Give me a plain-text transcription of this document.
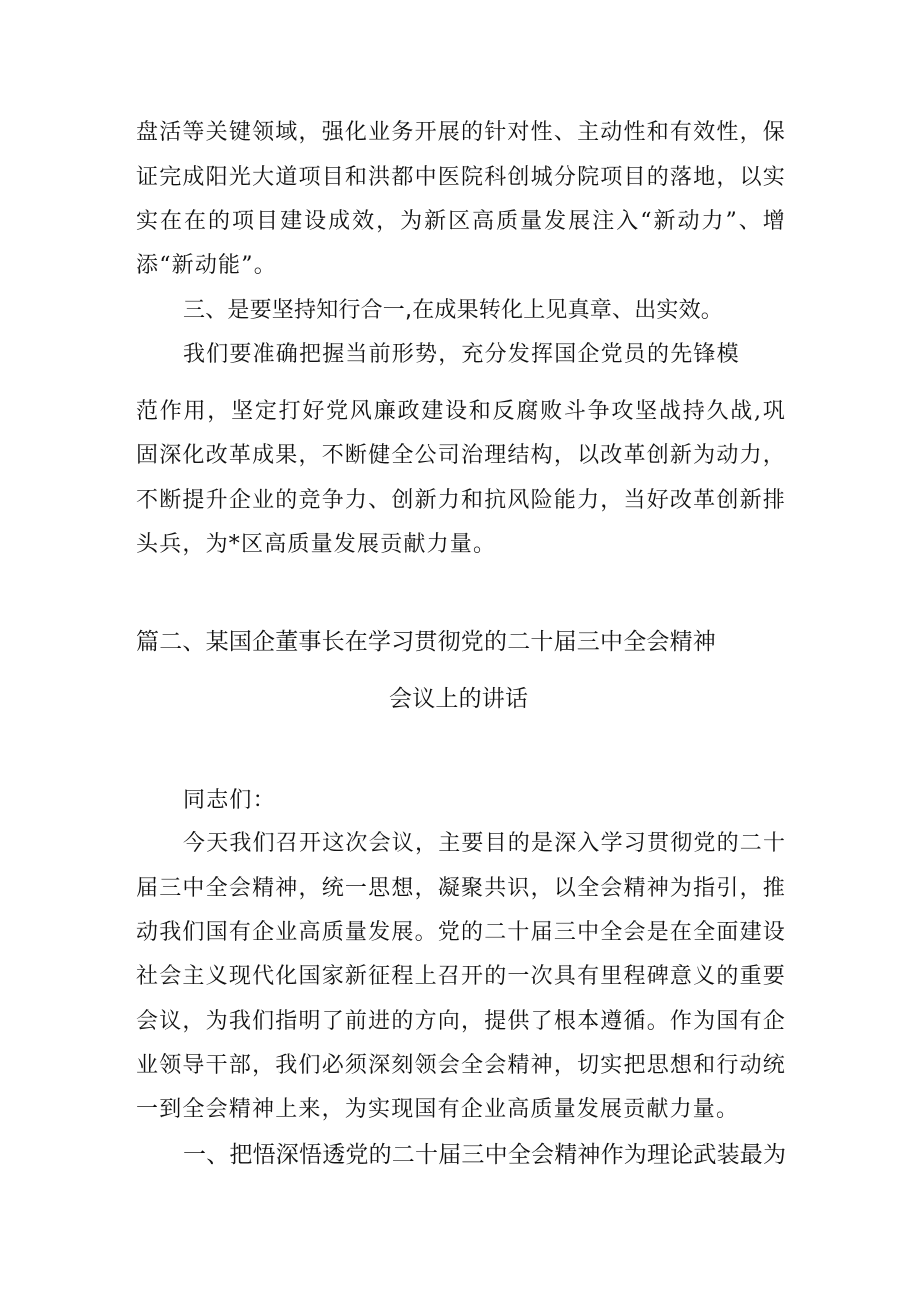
盘活等关键领域，强化业务开展的针对性、主动性和有效性，保
证完成阳光大道项目和洪都中医院科创城分院项目的落地，以实
实在在的项目建设成效，为新区高质量发展注入“新动力”、增
添“新动能”。
三、是要坚持知行合一,在成果转化上见真章、出实效。
我们要准确把握当前形势，充分发挥国企党员的先锋模
范作用，坚定打好党风廉政建设和反腐败斗争攻坚战持久战,巩
固深化改革成果，不断健全公司治理结构，以改革创新为动力，
不断提升企业的竞争力、创新力和抗风险能力，当好改革创新排
头兵，为*区高质量发展贡献力量。
篇二、某国企董事长在学习贯彻党的二十届三中全会精神
会议上的讲话
同志们：
今天我们召开这次会议，主要目的是深入学习贯彻党的二十
届三中全会精神，统一思想，凝聚共识，以全会精神为指引，推
动我们国有企业高质量发展。党的二十届三中全会是在全面建设
社会主义现代化国家新征程上召开的一次具有里程碑意义的重要
会议，为我们指明了前进的方向，提供了根本遵循。作为国有企
业领导干部，我们必须深刻领会全会精神，切实把思想和行动统
一到全会精神上来，为实现国有企业高质量发展贡献力量。
一、把悟深悟透党的二十届三中全会精神作为理论武装最为
